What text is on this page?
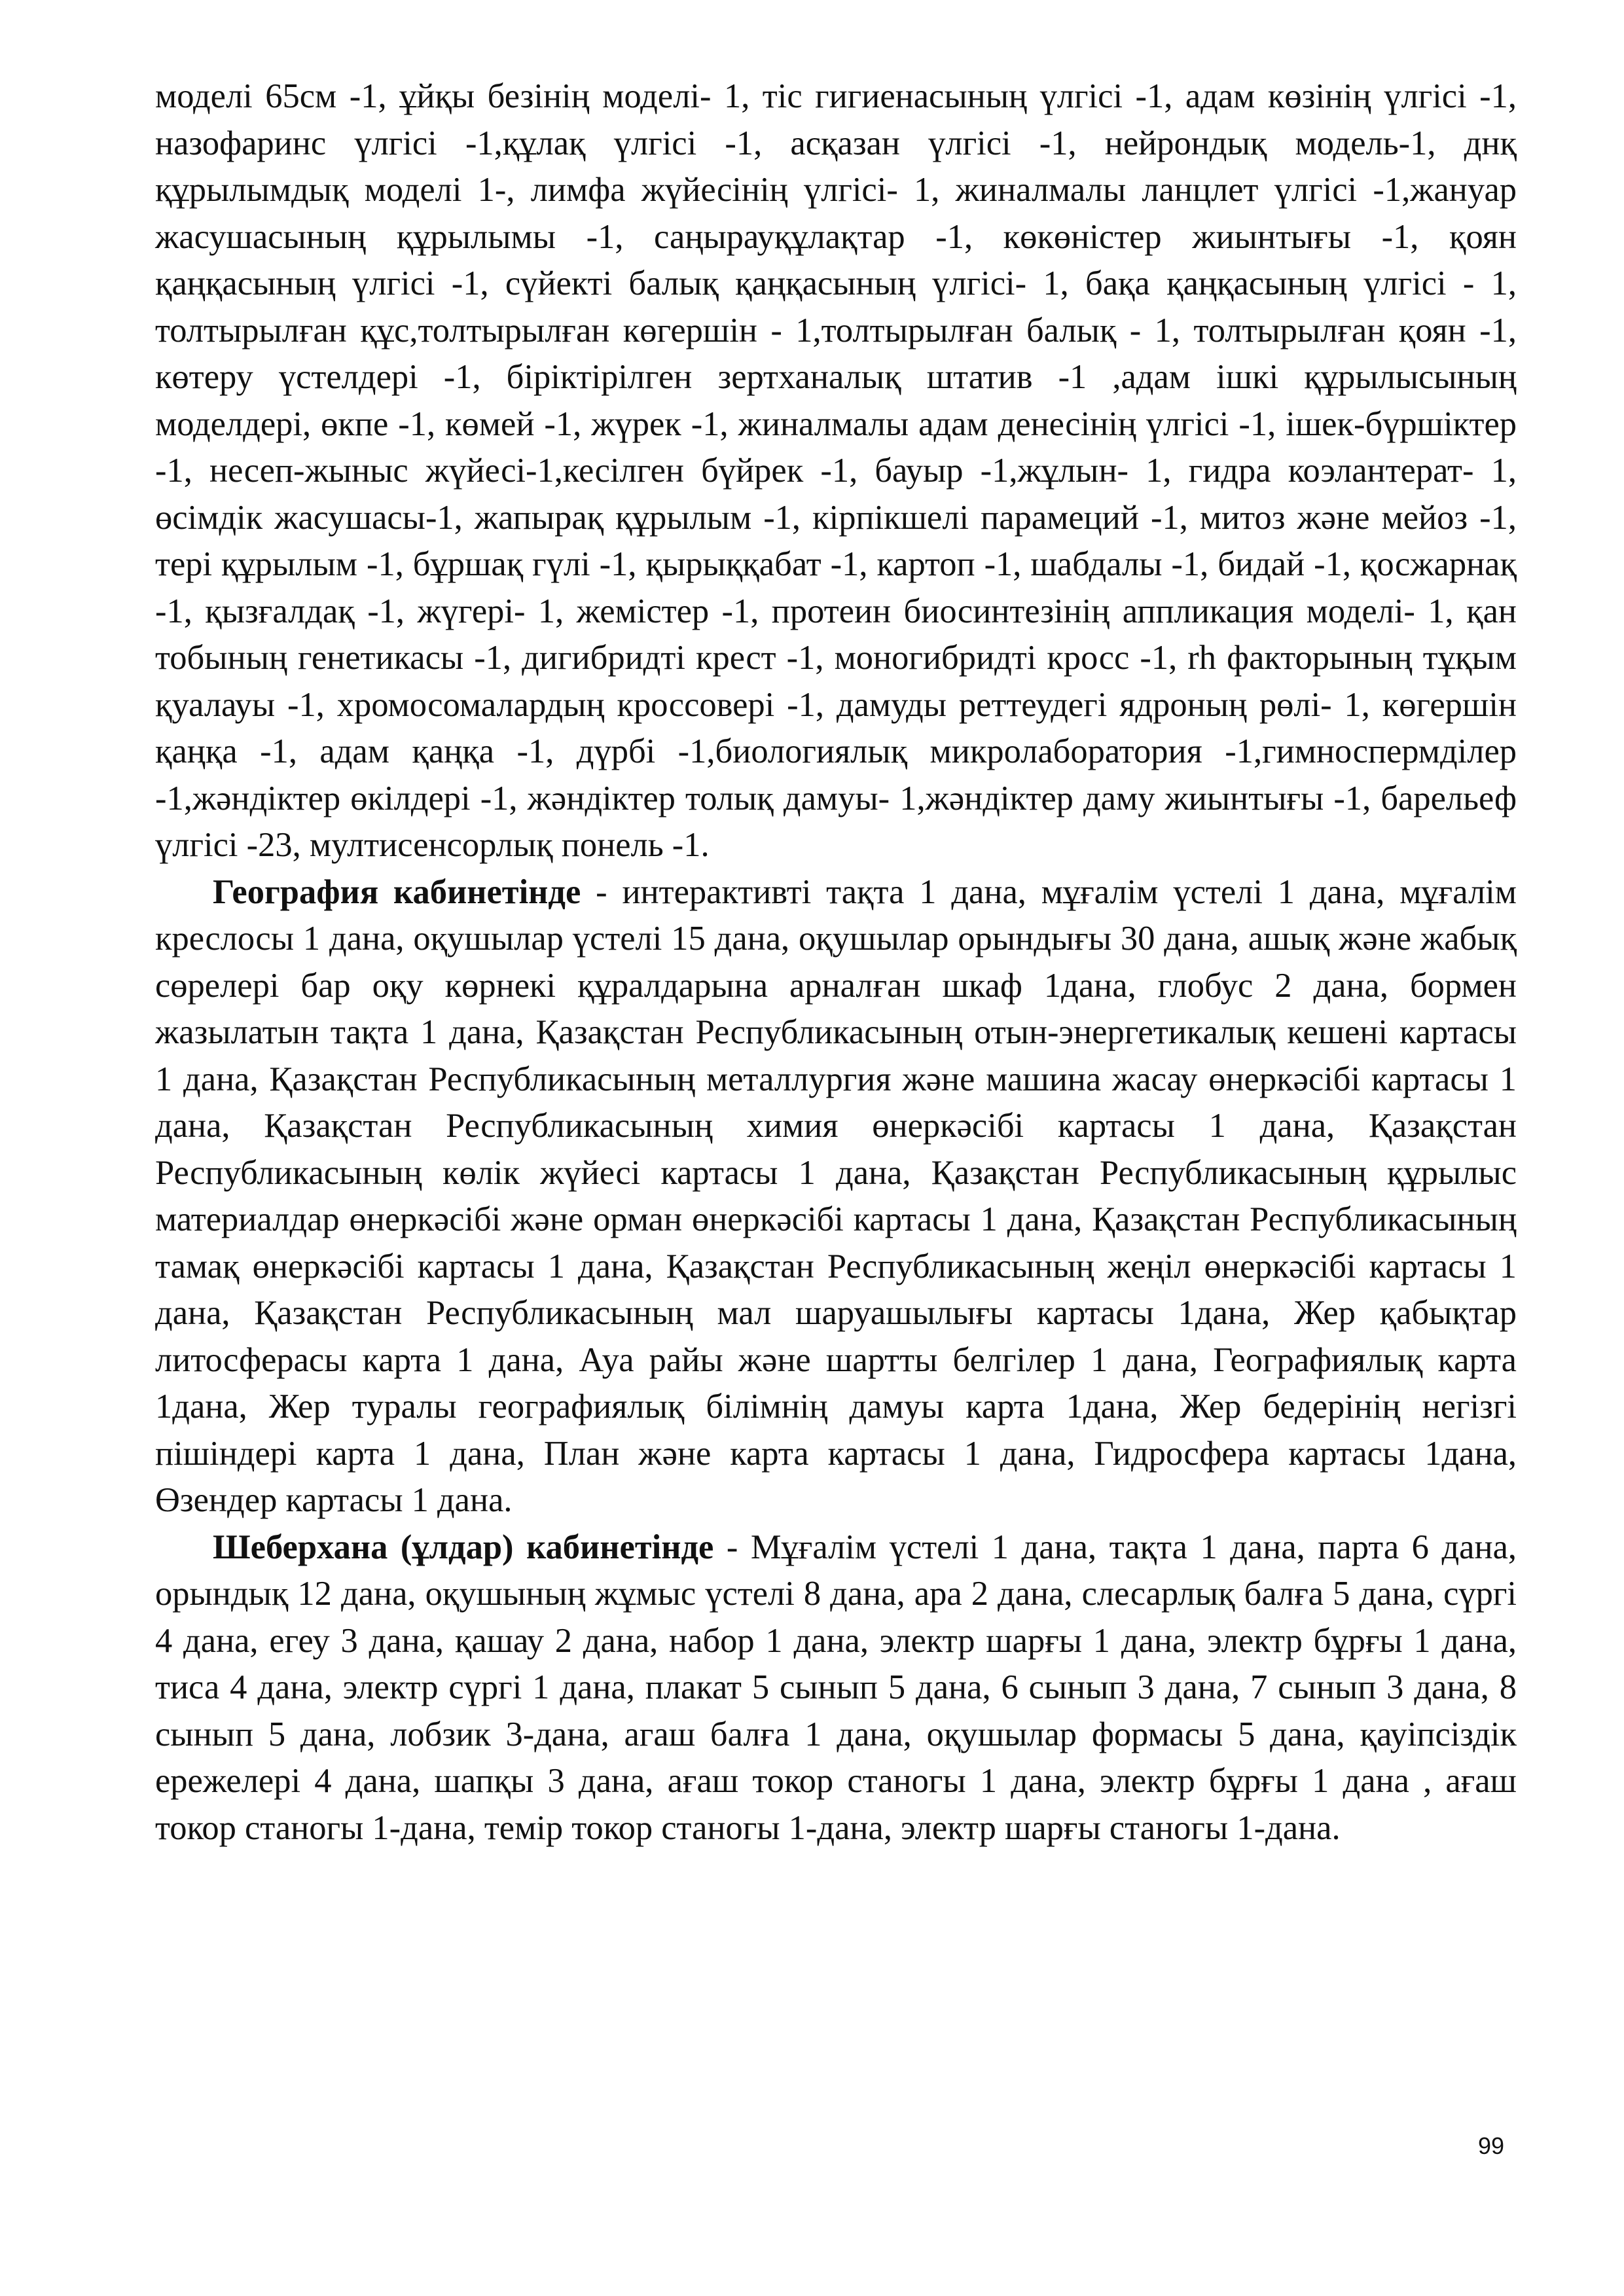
моделі 65см -1, ұйқы безінің моделі- 1, тіс гигиенасының үлгісі -1, адам көзінің үлгісі -1, назофаринс үлгісі -1,құлақ үлгісі -1, асқазан үлгісі -1, нейрондық модель-1, днқ құрылымдық моделі 1-, лимфа жүйесінің үлгісі- 1, жиналмалы ланцлет үлгісі -1,жануар жасушасының құрылымы -1, саңырауқұлақтар -1, көкөністер жиынтығы -1, қоян қаңқасының үлгісі -1, сүйекті балық қаңқасының үлгісі- 1, бақа қаңқасының үлгісі - 1, толтырылған құс,толтырылған көгершін - 1,толтырылған балық - 1, толтырылған қоян -1, көтеру үстелдері -1, біріктірілген зертханалық штатив -1 ,адам ішкі құрылысының моделдері, өкпе -1, көмей -1, жүрек -1, жиналмалы адам денесінің үлгісі -1, ішек-бүршіктер -1, несеп-жыныс жүйесі-1,кесілген бүйрек -1, бауыр -1,жұлын- 1, гидра коэлантерат- 1, өсімдік жасушасы-1, жапырақ құрылым -1, кірпікшелі парамеций -1, митоз және мейоз -1, тері құрылым -1, бұршақ гүлі -1, қырыққабат -1, картоп -1, шабдалы -1, бидай -1, қосжарнақ -1, қызғалдақ -1, жүгері- 1, жемістер -1, протеин биосинтезінің аппликация моделі- 1, қан тобының генетикасы -1, дигибридті крест -1, моногибридті кросс -1, rh факторының тұқым қуалауы -1, хромосомалардың кроссовері -1, дамуды реттеудегі ядроның рөлі- 1, көгершін қаңқа -1, адам қаңқа -1, дүрбі -1,биологиялық микролаборатория -1,гимноспермділер -1,жәндіктер өкілдері -1, жәндіктер толық дамуы- 1,жәндіктер даму жиынтығы -1, барельеф үлгісі -23, мултисенсорлық понель -1.

География кабинетінде - интерактивті тақта 1 дана, мұғалім үстелі 1 дана, мұғалім креслосы 1 дана, оқушылар үстелі 15 дана, оқушылар орындығы 30 дана, ашық және жабық сөрелері бар оқу көрнекі құралдарына арналған шкаф 1дана, глобус 2 дана, бормен жазылатын тақта 1 дана, Қазақстан Республикасының отын-энергетикалық кешені картасы 1 дана, Қазақстан Республикасының металлургия және машина жасау өнеркәсібі картасы 1 дана, Қазақстан Республикасының химия өнеркәсібі картасы 1 дана, Қазақстан Республикасының көлік жүйесі картасы 1 дана, Қазақстан Республикасының құрылыс материалдар өнеркәсібі және орман өнеркәсібі картасы 1 дана, Қазақстан Республикасының тамақ өнеркәсібі картасы 1 дана, Қазақстан Республикасының жеңіл өнеркәсібі картасы 1 дана, Қазақстан Республикасының мал шаруашылығы картасы 1дана, Жер қабықтар литосферасы карта 1 дана, Ауа райы және шартты белгілер 1 дана, Географиялық карта 1дана, Жер туралы географиялық білімнің дамуы карта 1дана, Жер бедерінің негізгі пішіндері карта 1 дана, План және карта картасы 1 дана, Гидросфера картасы 1дана, Өзендер картасы 1 дана.

Шеберхана (ұлдар) кабинетінде - Мұғалім үстелі 1 дана, тақта 1 дана, парта 6 дана, орындық 12 дана, оқушының жұмыс үстелі 8 дана, ара 2 дана, слесарлық балға 5 дана, сүргі 4 дана, егеу 3 дана, қашау 2 дана, набор 1 дана, электр шарғы 1 дана, электр бұрғы 1 дана, тиса 4 дана, электр сүргі 1 дана, плакат 5 сынып 5 дана, 6 сынып 3 дана, 7 сынып 3 дана, 8 сынып 5 дана, лобзик 3-дана, агаш балға 1 дана, оқушылар формасы 5 дана, қауіпсіздік ережелері 4 дана, шапқы 3 дана, ағаш токор станогы 1 дана, электр бұрғы 1 дана , ағаш токор станогы 1-дана, темір токор станогы 1-дана, электр шарғы станогы 1-дана.

99
